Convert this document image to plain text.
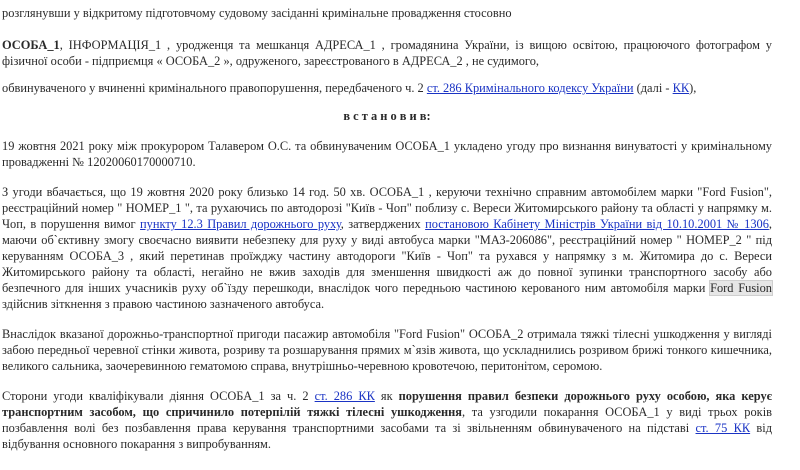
розглянувши у відкритому підготовчому судовому засіданні кримінальне провадження стосовно

ОСОБА_1, ІНФОРМАЦІЯ_1 , уродженця та мешканця АДРЕСА_1 , громадянина України, із вищою освітою, працюючого фотографом у фізичної особи - підприємця « ОСОБА_2 », одруженого, зареєстрованого в АДРЕСА_2 , не судимого,

обвинуваченого у вчиненні кримінального правопорушення, передбаченого ч. 2 ст. 286 Кримінального кодексу України (далі - КК),

в с т а н о в и в:

19 жовтня 2021 року між прокурором Талавером О.С. та обвинуваченим ОСОБА_1 укладено угоду про визнання винуватості у кримінальному провадженні № 12020060170000710.

З угоди вбачається, що 19 жовтня 2020 року близько 14 год. 50 хв. ОСОБА_1 , керуючи технічно справним автомобілем марки "Ford Fusion", реєстраційний номер " НОМЕР_1 ", та рухаючись по автодорозі "Київ - Чоп" поблизу с. Вереси Житомирського району та області у напрямку м. Чоп, в порушення вимог пункту 12.3 Правил дорожнього руху, затверджених постановою Кабінету Міністрів України від 10.10.2001 № 1306, маючи об`єктивну змогу своєчасно виявити небезпеку для руху у виді автобуса марки "МАЗ-206086", реєстраційний номер " НОМЕР_2 " під керуванням ОСОБА_3 , який перетинав проїжджу частину автодороги "Київ - Чоп" та рухався у напрямку з м. Житомира до с. Вереси Житомирського району та області, негайно не вжив заходів для зменшення швидкості аж до повної зупинки транспортного засобу або безпечного для інших учасників руху об`їзду перешкоди, внаслідок чого передньою частиною керованого ним автомобіля марки Ford Fusion здійснив зіткнення з правою частиною зазначеного автобуса.

Внаслідок вказаної дорожньо-транспортної пригоди пасажир автомобіля "Ford Fusion" ОСОБА_2 отримала тяжкі тілесні ушкодження у вигляді забою передньої черевної стінки живота, розриву та розшарування прямих м`язів живота, що ускладнились розривом брижі тонкого кишечника, великого сальника, заочеревинною гематомою справа, внутрішньо-черевною кровотечою, перитонітом, серомою.

Сторони угоди кваліфікували діяння ОСОБА_1 за ч. 2 ст. 286 КК як порушення правил безпеки дорожнього руху особою, яка керує транспортним засобом, що спричинило потерпілій тяжкі тілесні ушкодження, та узгодили покарання ОСОБА_1 у виді трьох років позбавлення волі без позбавлення права керування транспортними засобами та зі звільненням обвинуваченого на підставі ст. 75 КК від відбування основного покарання з випробуванням.
